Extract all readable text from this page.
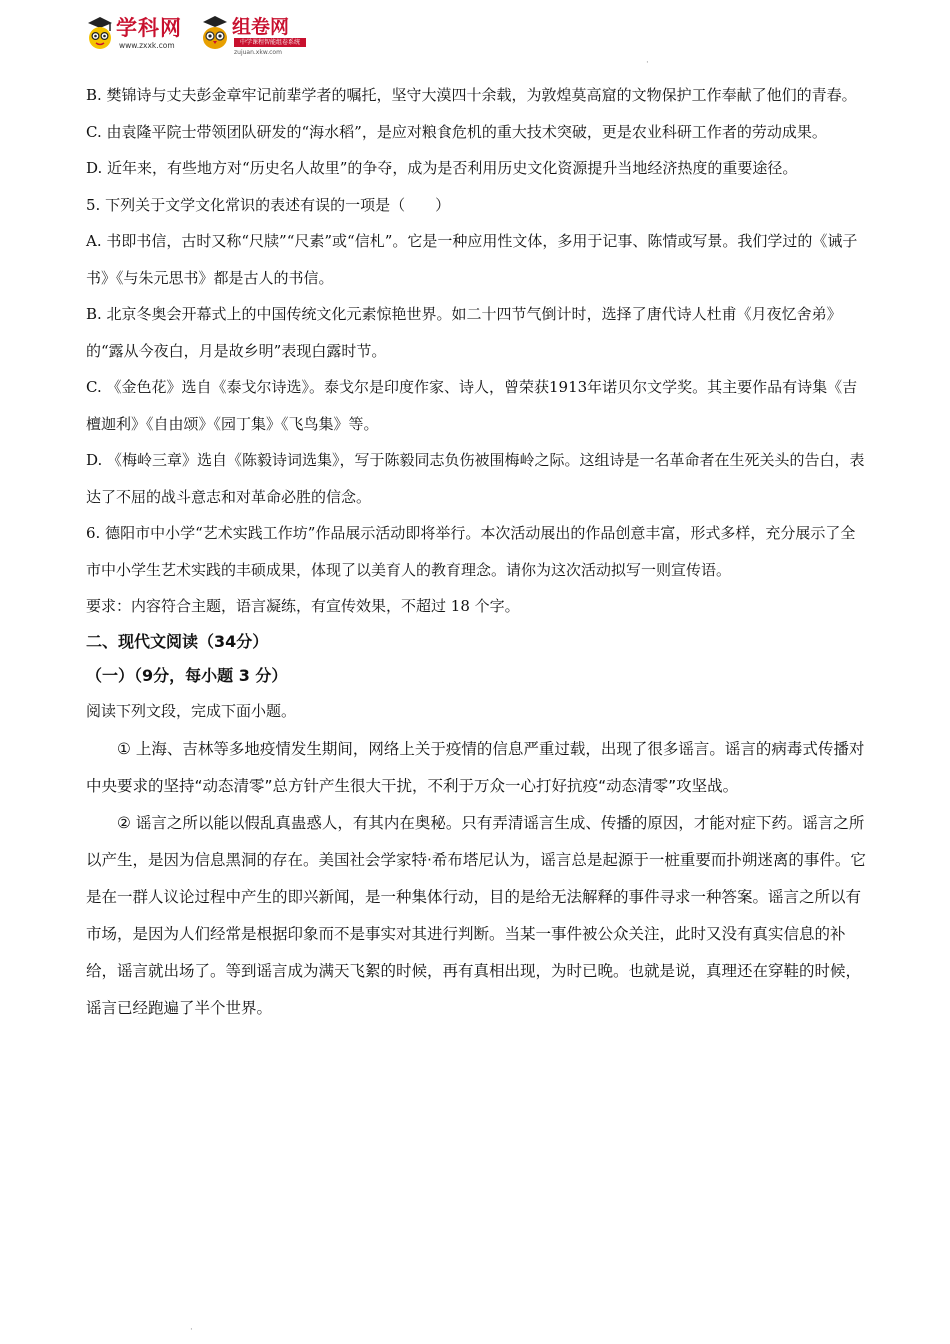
学科网
www.zxxk.com
组卷网
中学课程智能组卷系统
zujuan.xkw.com
·

B. 樊锦诗与丈夫彭金章牢记前辈学者的嘱托，坚守大漠四十余载，为敦煌莫高窟的文物保护工作奉献了他们的青春。

C. 由袁隆平院士带领团队研发的“海水稻”，是应对粮食危机的重大技术突破，更是农业科研工作者的劳动成果。

D. 近年来，有些地方对“历史名人故里”的争夺，成为是否利用历史文化资源提升当地经济热度的重要途径。

5. 下列关于文学文化常识的表述有误的一项是（　　）

A. 书即书信，古时又称“尺牍”“尺素”或“信札”。它是一种应用性文体，多用于记事、陈情或写景。我们学过的《诫子书》《与朱元思书》都是古人的书信。

B. 北京冬奥会开幕式上的中国传统文化元素惊艳世界。如二十四节气倒计时，选择了唐代诗人杜甫《月夜忆舍弟》的“露从今夜白，月是故乡明”表现白露时节。

C. 《金色花》选自《泰戈尔诗选》。泰戈尔是印度作家、诗人，曾荣获1913年诺贝尔文学奖。其主要作品有诗集《吉檀迦利》《自由颂》《园丁集》《飞鸟集》等。

D. 《梅岭三章》选自《陈毅诗词选集》，写于陈毅同志负伤被围梅岭之际。这组诗是一名革命者在生死关头的告白，表达了不屈的战斗意志和对革命必胜的信念。

6. 德阳市中小学“艺术实践工作坊”作品展示活动即将举行。本次活动展出的作品创意丰富，形式多样，充分展示了全市中小学生艺术实践的丰硕成果，体现了以美育人的教育理念。请你为这次活动拟写一则宣传语。

要求：内容符合主题，语言凝练，有宣传效果，不超过 18 个字。

二、现代文阅读（34分）

（一）（9分，每小题 3 分）

阅读下列文段，完成下面小题。

① 上海、吉林等多地疫情发生期间，网络上关于疫情的信息严重过载，出现了很多谣言。谣言的病毒式传播对中央要求的坚持“动态清零”总方针产生很大干扰，不利于万众一心打好抗疫“动态清零”攻坚战。

② 谣言之所以能以假乱真蛊惑人，有其内在奥秘。只有弄清谣言生成、传播的原因，才能对症下药。谣言之所以产生，是因为信息黑洞的存在。美国社会学家特·希布塔尼认为，谣言总是起源于一桩重要而扑朔迷离的事件。它是在一群人议论过程中产生的即兴新闻，是一种集体行动，目的是给无法解释的事件寻求一种答案。谣言之所以有市场，是因为人们经常是根据印象而不是事实对其进行判断。当某一事件被公众关注，此时又没有真实信息的补给，谣言就出场了。等到谣言成为满天飞絮的时候，再有真相出现，为时已晚。也就是说，真理还在穿鞋的时候，谣言已经跑遍了半个世界。

·
